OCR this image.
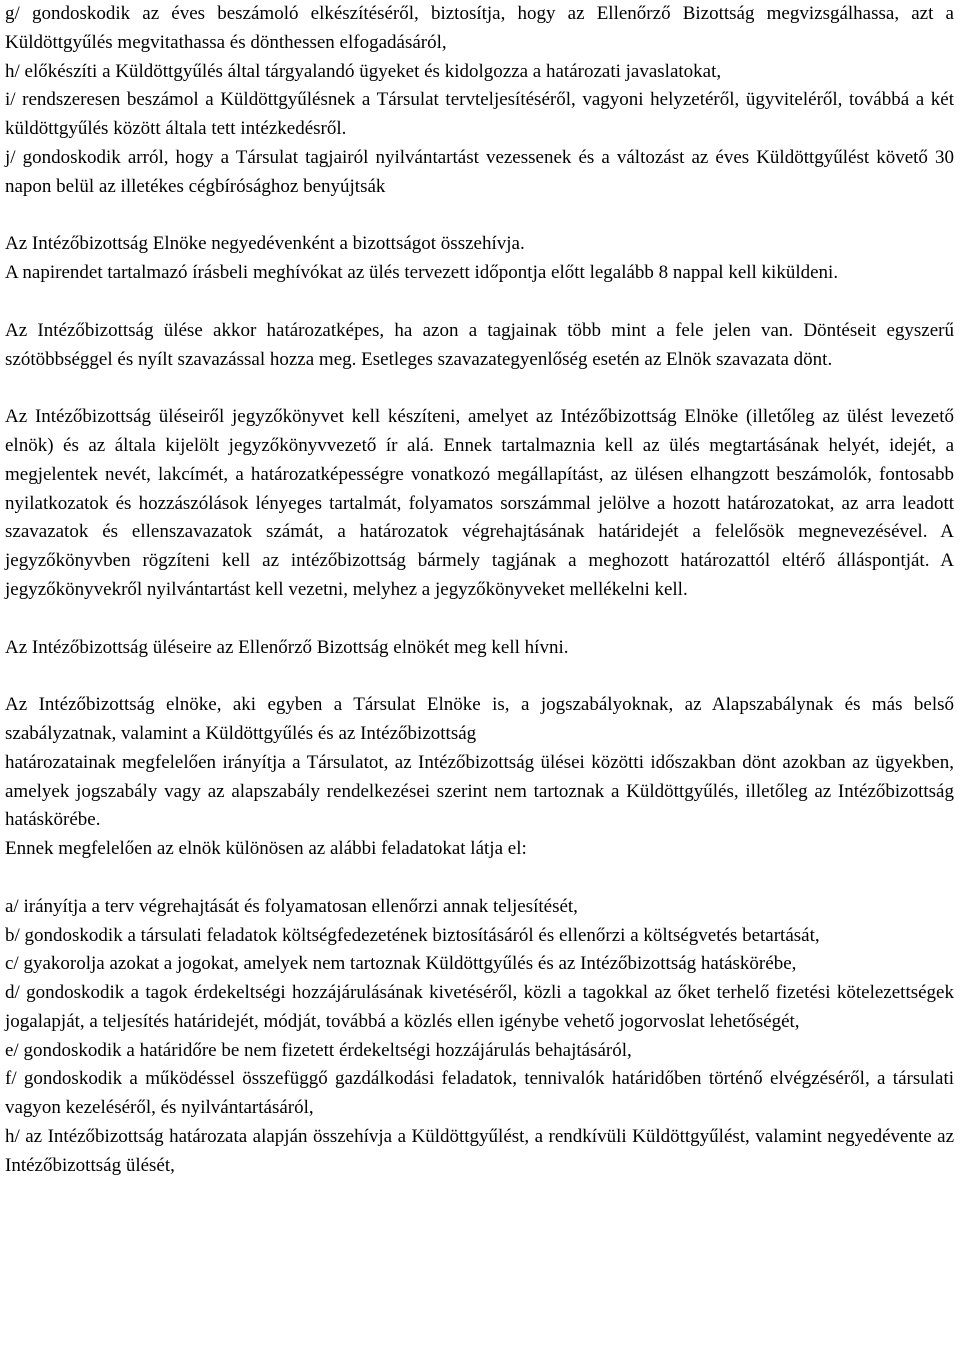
g/ gondoskodik az éves beszámoló elkészítéséről, biztosítja, hogy az Ellenőrző Bizottság megvizsgálhassa, azt a Küldöttgyűlés megvitathassa és dönthessen elfogadásáról,

h/ előkészíti a Küldöttgyűlés által tárgyalandó ügyeket és kidolgozza a határozati javaslatokat,

i/ rendszeresen beszámol a Küldöttgyűlésnek a Társulat tervteljesítéséről, vagyoni helyzetéről, ügyviteléről, továbbá a két küldöttgyűlés között általa tett intézkedésről.

j/ gondoskodik arról, hogy a Társulat tagjairól nyilvántartást vezessenek és a változást az éves Küldöttgyűlést követő 30 napon belül az illetékes cégbírósághoz benyújtsák

Az Intézőbizottság Elnöke negyedévenként a bizottságot összehívja.

A napirendet tartalmazó írásbeli meghívókat az ülés tervezett időpontja előtt legalább 8 nappal kell kiküldeni.

Az Intézőbizottság ülése akkor határozatképes, ha azon a tagjainak több mint a fele jelen van. Döntéseit egyszerű szótöbbséggel és nyílt szavazással hozza meg. Esetleges szavazategyenlőség esetén az Elnök szavazata dönt.

Az Intézőbizottság üléseiről jegyzőkönyvet kell készíteni, amelyet az Intézőbizottság Elnöke (illetőleg az ülést levezető elnök) és az általa kijelölt jegyzőkönyvvezető ír alá. Ennek tartalmaznia kell az ülés megtartásának helyét, idejét, a megjelentek nevét, lakcímét, a határozatképességre vonatkozó megállapítást, az ülésen elhangzott beszámolók, fontosabb nyilatkozatok és hozzászólások lényeges tartalmát, folyamatos sorszámmal jelölve a hozott határozatokat, az arra leadott szavazatok és ellenszavazatok számát, a határozatok végrehajtásának határidejét a felelősök megnevezésével. A jegyzőkönyvben rögzíteni kell az intézőbizottság bármely tagjának a meghozott határozattól eltérő álláspontját. A jegyzőkönyvekről nyilvántartást kell vezetni, melyhez a jegyzőkönyveket mellékelni kell.

Az Intézőbizottság üléseire az Ellenőrző Bizottság elnökét meg kell hívni.

Az Intézőbizottság elnöke, aki egyben a Társulat Elnöke is, a jogszabályoknak, az Alapszabálynak és más belső szabályzatnak, valamint a Küldöttgyűlés és az Intézőbizottság

határozatainak megfelelően irányítja a Társulatot, az Intézőbizottság ülései közötti időszakban dönt azokban az ügyekben, amelyek jogszabály vagy az alapszabály rendelkezései szerint nem tartoznak a Küldöttgyűlés, illetőleg az Intézőbizottság hatáskörébe.

Ennek megfelelően az elnök különösen az alábbi feladatokat látja el:

a/ irányítja a terv végrehajtását és folyamatosan ellenőrzi annak teljesítését,

b/ gondoskodik a társulati feladatok költségfedezetének biztosításáról és ellenőrzi a költségvetés betartását,

c/ gyakorolja azokat a jogokat, amelyek nem tartoznak Küldöttgyűlés és az Intézőbizottság hatáskörébe,

d/ gondoskodik a tagok érdekeltségi hozzájárulásának kivetéséről, közli a tagokkal az őket terhelő fizetési kötelezettségek jogalapját, a teljesítés határidejét, módját, továbbá a közlés ellen igénybe vehető jogorvoslat lehetőségét,

e/ gondoskodik a határidőre be nem fizetett érdekeltségi hozzájárulás behajtásáról,

f/ gondoskodik a működéssel összefüggő gazdálkodási feladatok, tennivalók határidőben történő elvégzéséről, a társulati vagyon kezeléséről, és nyilvántartásáról,

h/ az Intézőbizottság határozata alapján összehívja a Küldöttgyűlést, a rendkívüli Küldöttgyűlést, valamint negyedévente az Intézőbizottság ülését,
